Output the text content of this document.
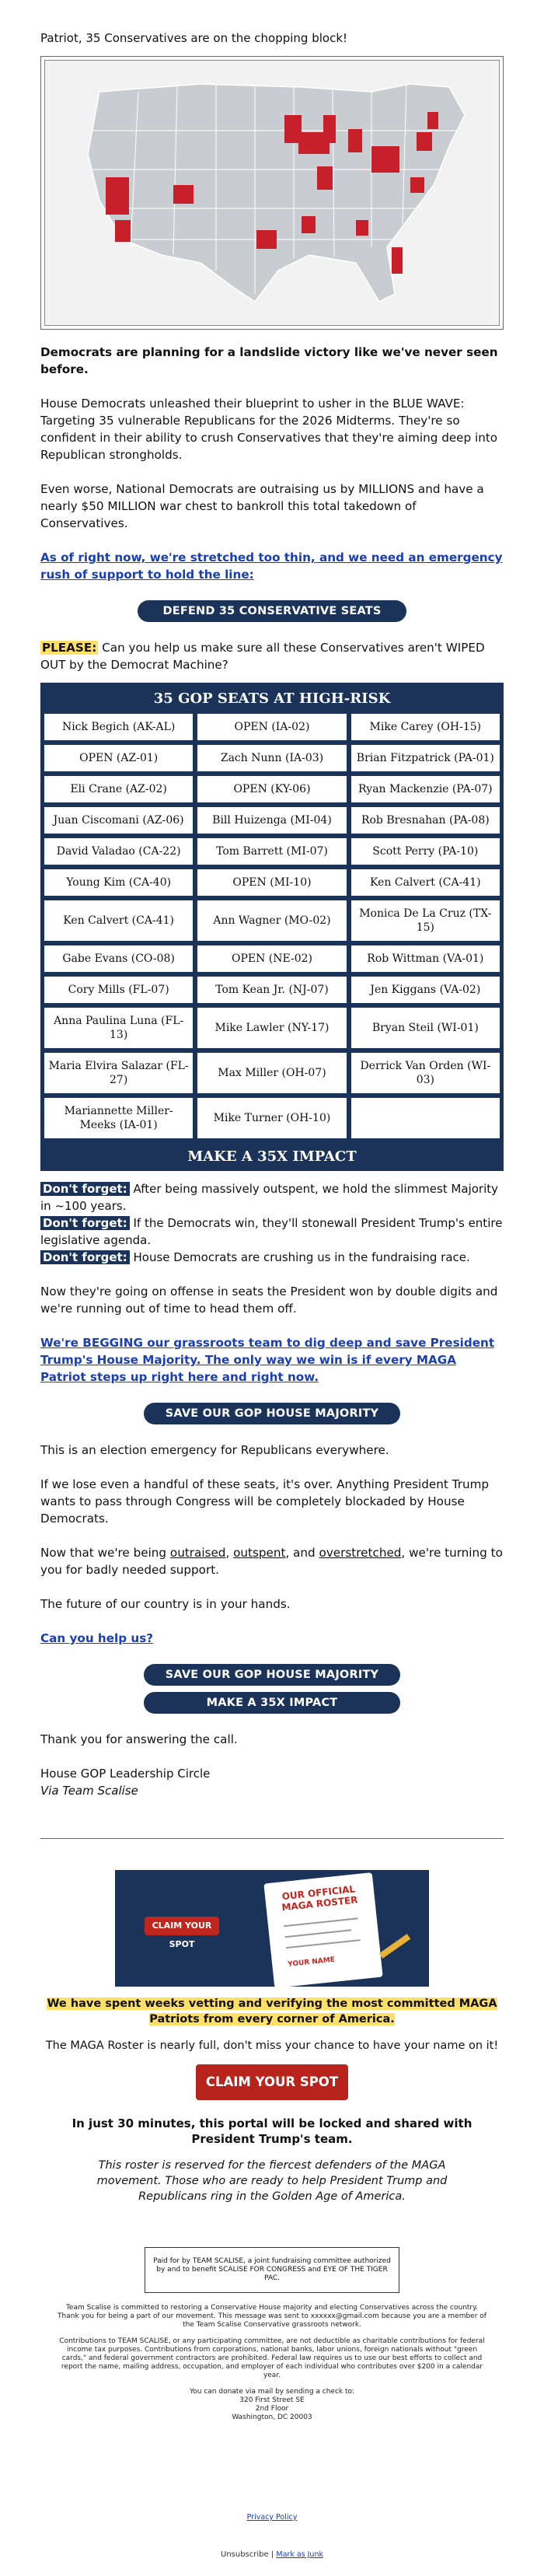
Patriot, 35 Conservatives are on the chopping block!

Democrats are planning for a landslide victory like we've never seen before.

House Democrats unleashed their blueprint to usher in the BLUE WAVE: Targeting 35 vulnerable Republicans for the 2026 Midterms. They're so confident in their ability to crush Conservatives that they're aiming deep into Republican strongholds.

Even worse, National Democrats are outraising us by MILLIONS and have a nearly $50 MILLION war chest to bankroll this total takedown of Conservatives.

As of right now, we're stretched too thin, and we need an emergency rush of support to hold the line:

DEFEND 35 CONSERVATIVE SEATS

PLEASE: Can you help us make sure all these Conservatives aren't WIPED OUT by the Democrat Machine?

35 GOP SEATS AT HIGH-RISK		
Nick Begich (AK-AL)	OPEN (IA-02)	Mike Carey (OH-15)
OPEN (AZ-01)	Zach Nunn (IA-03)	Brian Fitzpatrick (PA-01)
Eli Crane (AZ-02)	OPEN (KY-06)	Ryan Mackenzie (PA-07)
Juan Ciscomani (AZ-06)	Bill Huizenga (MI-04)	Rob Bresnahan (PA-08)
David Valadao (CA-22)	Tom Barrett (MI-07)	Scott Perry (PA-10)
Young Kim (CA-40)	OPEN (MI-10)	Ken Calvert (CA-41)
Ken Calvert (CA-41)	Ann Wagner (MO-02)	Monica De La Cruz (TX-15)
Gabe Evans (CO-08)	OPEN (NE-02)	Rob Wittman (VA-01)
Cory Mills (FL-07)	Tom Kean Jr. (NJ-07)	Jen Kiggans (VA-02)
Anna Paulina Luna (FL-13)	Mike Lawler (NY-17)	Bryan Steil (WI-01)
Maria Elvira Salazar (FL-27)	Max Miller (OH-07)	Derrick Van Orden (WI-03)
Mariannette Miller-Meeks (IA-01)	Mike Turner (OH-10)	
MAKE A 35X IMPACT

Don't forget: After being massively outspent, we hold the slimmest Majority in ~100 years.

Don't forget: If the Democrats win, they'll stonewall President Trump's entire legislative agenda.

Don't forget: House Democrats are crushing us in the fundraising race.

Now they're going on offense in seats the President won by double digits and we're running out of time to head them off.

We're BEGGING our grassroots team to dig deep and save President Trump's House Majority. The only way we win is if every MAGA Patriot steps up right here and right now.

SAVE OUR GOP HOUSE MAJORITY

This is an election emergency for Republicans everywhere.

If we lose even a handful of these seats, it's over. Anything President Trump wants to pass through Congress will be completely blockaded by House Democrats.

Now that we're being outraised, outspent, and overstretched, we're turning to you for badly needed support.

The future of our country is in your hands.

Can you help us?

SAVE OUR GOP HOUSE MAJORITY
MAKE A 35X IMPACT

Thank you for answering the call.

House GOP Leadership Circle

Via Team Scalise

CLAIM YOUR SPOT
OUR OFFICIAL MAGA ROSTER
YOUR NAME

We have spent weeks vetting and verifying the most committed MAGA Patriots from every corner of America.

The MAGA Roster is nearly full, don't miss your chance to have your name on it!

CLAIM YOUR SPOT

In just 30 minutes, this portal will be locked and shared with President Trump's team.

This roster is reserved for the fiercest defenders of the MAGA movement. Those who are ready to help President Trump and Republicans ring in the Golden Age of America.

Paid for by TEAM SCALISE, a joint fundraising committee authorized by and to benefit SCALISE FOR CONGRESS and EYE OF THE TIGER PAC.

Team Scalise is committed to restoring a Conservative House majority and electing Conservatives across the country. Thank you for being a part of our movement. This message was sent to xxxxxx@gmail.com because you are a member of the Team Scalise Conservative grassroots network.

Contributions to TEAM SCALISE, or any participating committee, are not deductible as charitable contributions for federal income tax purposes. Contributions from corporations, national banks, labor unions, foreign nationals without "green cards," and federal government contractors are prohibited. Federal law requires us to use our best efforts to collect and report the name, mailing address, occupation, and employer of each individual who contributes over $200 in a calendar year.

You can donate via mail by sending a check to:

320 First Street SE

2nd Floor

Washington, DC 20003

Privacy Policy
Unsubscribe | Mark as Junk
